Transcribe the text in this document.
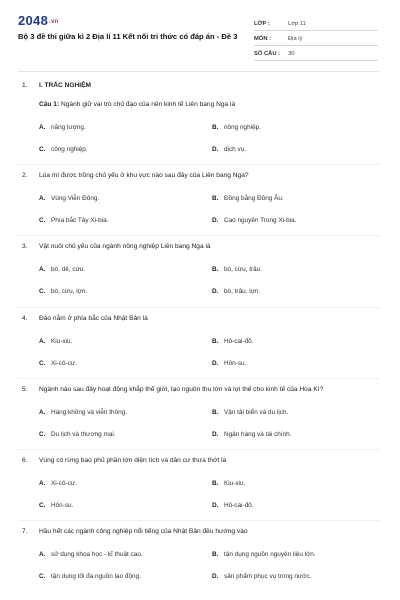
2048.vn
Bộ 3 đề thi giữa kì 2 Địa lí 11 Kết nối tri thức có đáp án - Đề 3
LỚP :	Lớp 11
MÔN :	Địa lý
SỐ CÂU :	30
1. I. TRẮC NGHIỆM
Câu 1: Ngành giữ vai trò chủ đạo của nền kinh tế Liên bang Nga là
A. năng lượng.	B. nông nghiệp.
C. công nghiệp.	D. dịch vụ.
2. Lúa mì được trồng chủ yếu ở khu vực nào sau đây của Liên bang Nga?
A. Vùng Viễn Đông.	B. Đồng bằng Đông Âu.
C. Phía bắc Tây Xi-bia.	D. Cao nguyên Trung Xi-bia.
3. Vật nuôi chủ yếu của ngành nông nghiệp Liên bang Nga là
A. bò, dê, cừu.	B. bò, cừu, trâu.
C. bò, cừu, lợn.	D. bò, trâu, lợn.
4. Đảo nằm ở phía bắc của Nhật Bản là
A. Kiu-xiu.	B. Hô-cai-đô.
C. Xi-cô-cư.	D. Hôn-su.
5. Ngành nào sau đây hoạt động khắp thế giới, tạo nguồn thu lớn và lợi thế cho kinh tế của Hoa Kì?
A. Hàng không và viễn thông.	B. Vận tải biển và du lịch.
C. Du lịch và thương mại.	D. Ngân hàng và tài chính.
6. Vùng có rừng bao phủ phần lớn diện tích và dân cư thưa thớt là
A. Xi-cô-cư.	B. Kiu-xiu.
C. Hôn-su.	D. Hô-cai-đô.
7. Hầu hết các ngành công nghiệp nổi tiếng của Nhật Bản đều hướng vào
A. sử dụng khoa học - kĩ thuật cao.	B. tận dụng nguồn nguyên liệu lớn.
C. tận dụng tối đa nguồn lao động.	D. sản phẩm phục vụ trong nước.
